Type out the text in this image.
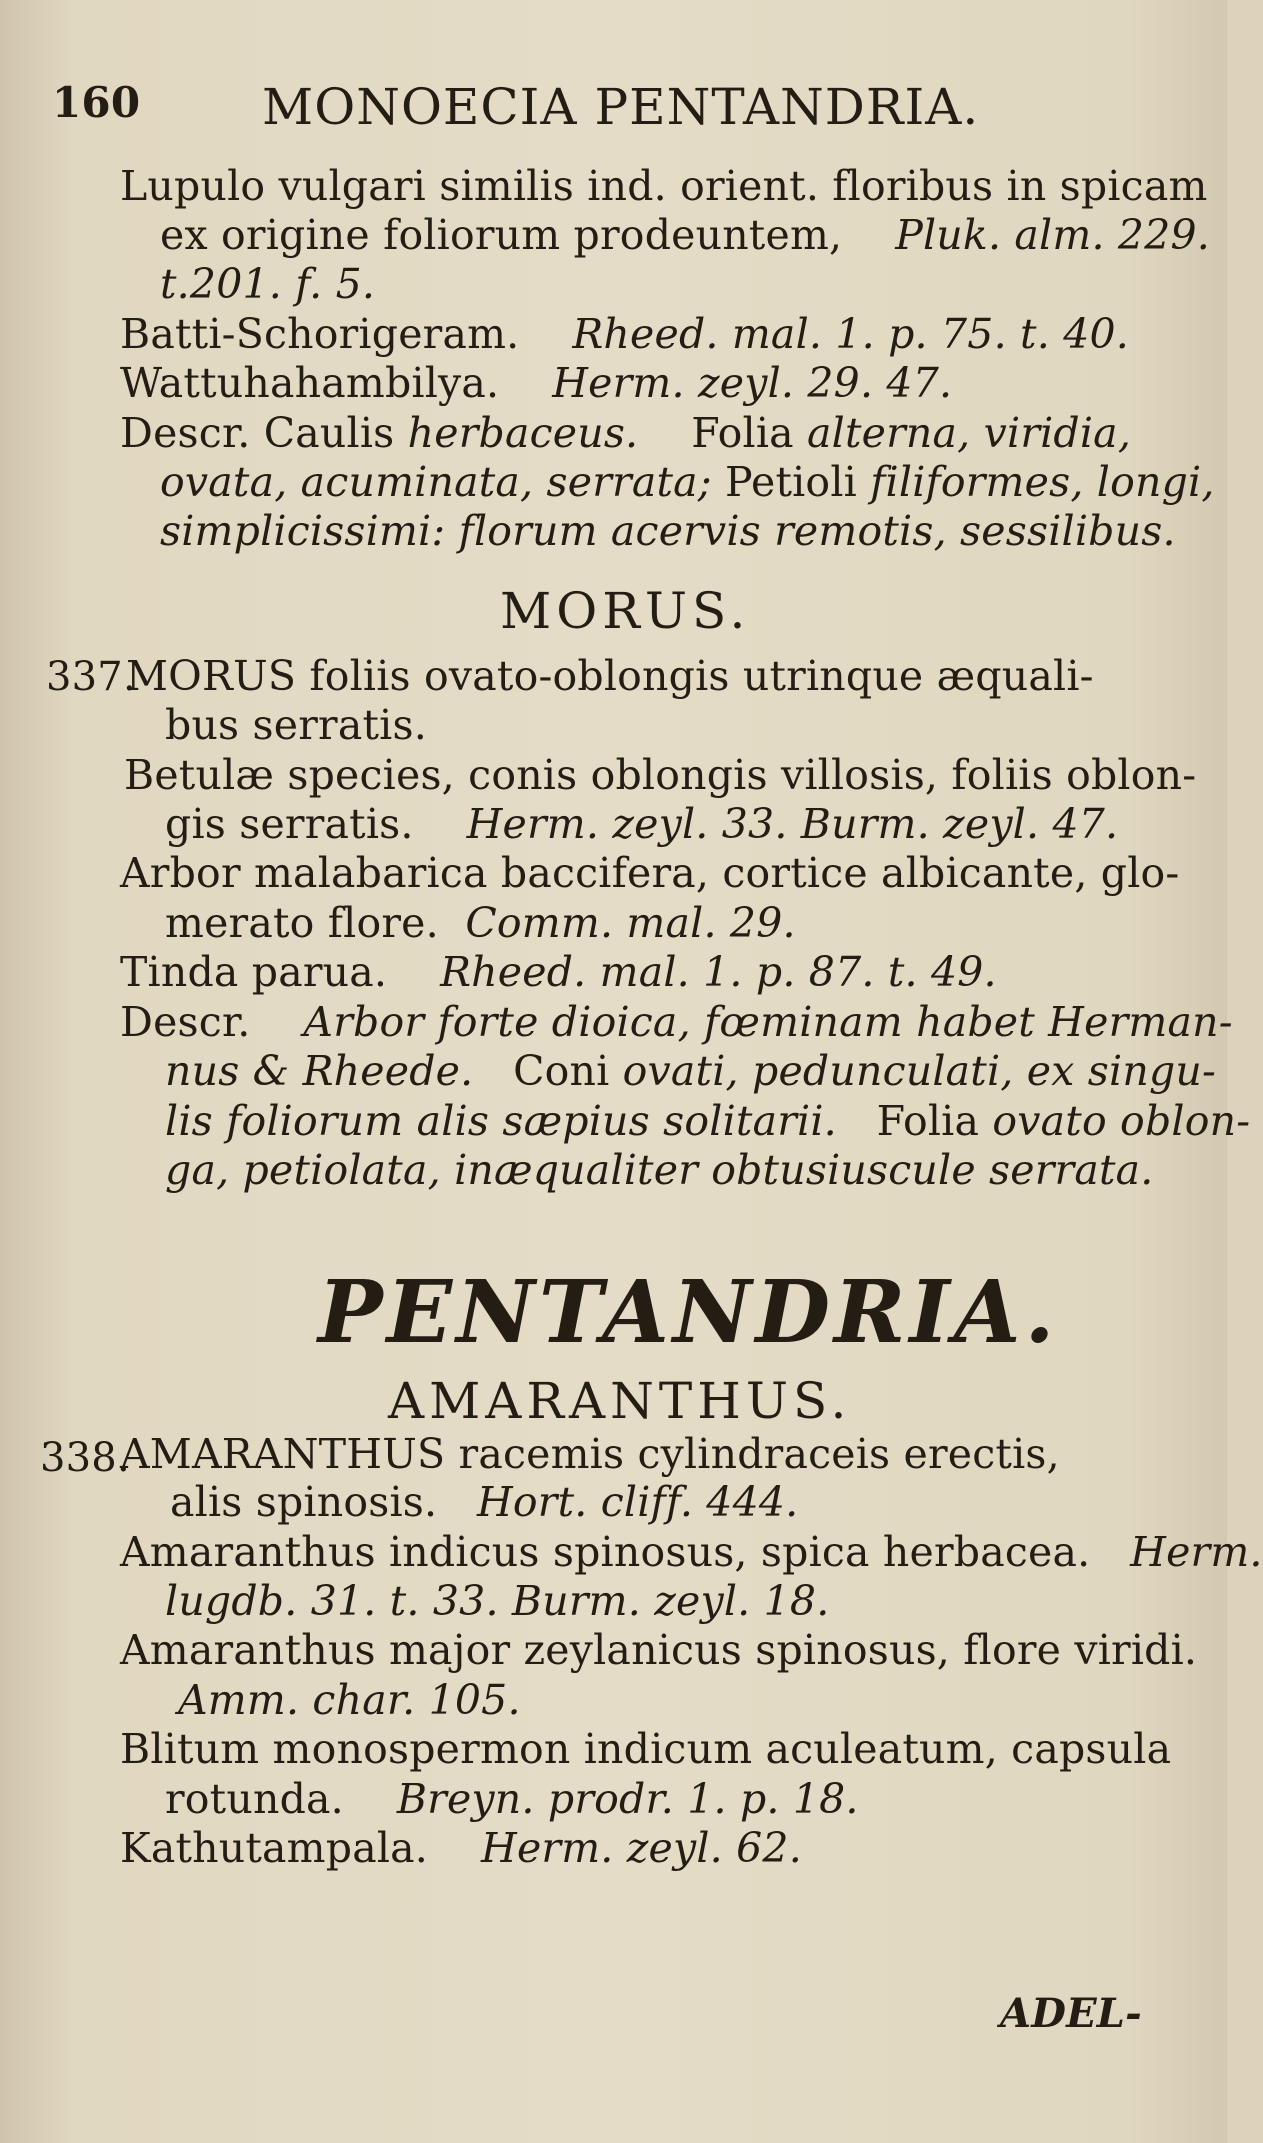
160 MONOECIA PENTANDRIA.
Lupulo vulgari similis ind. orient. floribus in spicam
ex origine foliorum prodeuntem, Pluk. alm. 229.
t.201. f. 5.
Batti-Schorigeram. Rheed. mal. 1. p. 75. t. 40.
Wattuhahambilya. Herm. zeyl. 29. 47.
Descr. Caulis herbaceus. Folia alterna, viridia,
ovata, acuminata, serrata; Petioli filiformes, longi,
simplicissimi: florum acervis remotis, sessilibus.
MORUS.
337.
MORUS foliis ovato-oblongis utrinque æquali-
bus serratis.
Betulæ species, conis oblongis villosis, foliis oblon-
gis serratis. Herm. zeyl. 33. Burm. zeyl. 47.
Arbor malabarica baccifera, cortice albicante, glo-
merato flore. Comm. mal. 29.
Tinda parua. Rheed. mal. 1. p. 87. t. 49.
Descr. Arbor forte dioica, fœminam habet Herman-
nus & Rheede. Coni ovati, pedunculati, ex singu-
lis foliorum alis sæpius solitarii. Folia ovato oblon-
ga, petiolata, inæqualiter obtusiuscule serrata.
PENTANDRIA.
AMARANTHUS.
338.
AMARANTHUS racemis cylindraceis erectis,
alis spinosis. Hort. cliff. 444.
Amaranthus indicus spinosus, spica herbacea. Herm.
lugdb. 31. t. 33. Burm. zeyl. 18.
Amaranthus major zeylanicus spinosus, flore viridi.
Amm. char. 105.
Blitum monospermon indicum aculeatum, capsula
rotunda. Breyn. prodr. 1. p. 18.
Kathutampala. Herm. zeyl. 62.
ADEL-
